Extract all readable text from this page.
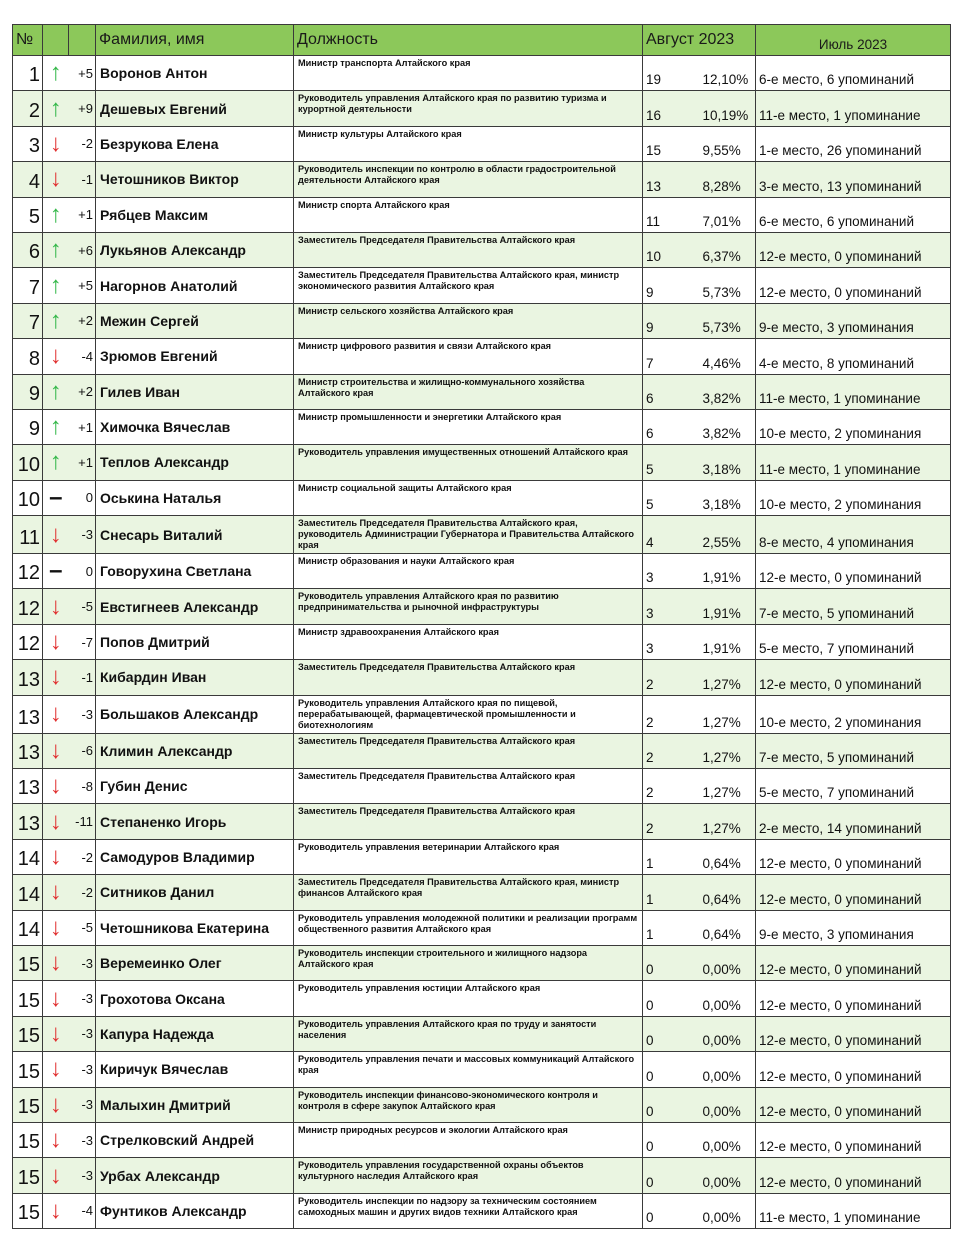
№			Фамилия, имя	Должность	Август 2023		Июль 2023
1	↑	+5	Воронов Антон	Министр транспорта Алтайского края	19	12,10%	6-е место, 6 упоминаний
2	↑	+9	Дешевых Евгений	Руководитель управления Алтайского края по развитию туризма и курортной деятельности	16	10,19%	11-е место, 1 упоминание
3	↓	-2	Безрукова Елена	Министр культуры Алтайского края	15	9,55%	1-е место, 26 упоминаний
4	↓	-1	Четошников Виктор	Руководитель инспекции по контролю в области градостроительной деятельности Алтайского края	13	8,28%	3-е место, 13 упоминаний
5	↑	+1	Рябцев Максим	Министр спорта Алтайского края	11	7,01%	6-е место, 6 упоминаний
6	↑	+6	Лукьянов Александр	Заместитель Председателя Правительства Алтайского края	10	6,37%	12-е место, 0 упоминаний
7	↑	+5	Нагорнов Анатолий	Заместитель Председателя Правительства Алтайского края, министр экономического развития Алтайского края	9	5,73%	12-е место, 0 упоминаний
7	↑	+2	Межин Сергей	Министр сельского хозяйства Алтайского края	9	5,73%	9-е место, 3 упоминания
8	↓	-4	Зрюмов Евгений	Министр цифрового развития и связи Алтайского края	7	4,46%	4-е место, 8 упоминаний
9	↑	+2	Гилев Иван	Министр строительства и жилищно-коммунального хозяйства Алтайского края	6	3,82%	11-е место, 1 упоминание
9	↑	+1	Химочка Вячеслав	Министр промышленности и энергетики Алтайского края	6	3,82%	10-е место, 2 упоминания
10	↑	+1	Теплов Александр	Руководитель управления имущественных отношений Алтайского края	5	3,18%	11-е место, 1 упоминание
10	–	0	Оськина Наталья	Министр социальной защиты Алтайского края	5	3,18%	10-е место, 2 упоминания
11	↓	-3	Снесарь Виталий	Заместитель Председателя Правительства Алтайского края, руководитель Администрации Губернатора и Правительства Алтайского края	4	2,55%	8-е место, 4 упоминания
12	–	0	Говорухина Светлана	Министр образования и науки Алтайского края	3	1,91%	12-е место, 0 упоминаний
12	↓	-5	Евстигнеев Александр	Руководитель управления Алтайского края по развитию предпринимательства и рыночной инфраструктуры	3	1,91%	7-е место, 5 упоминаний
12	↓	-7	Попов Дмитрий	Министр здравоохранения Алтайского края	3	1,91%	5-е место, 7 упоминаний
13	↓	-1	Кибардин Иван	Заместитель Председателя Правительства Алтайского края	2	1,27%	12-е место, 0 упоминаний
13	↓	-3	Большаков Александр	Руководитель управления Алтайского края по пищевой, перерабатывающей, фармацевтической промышленности и биотехнологиям	2	1,27%	10-е место, 2 упоминания
13	↓	-6	Климин Александр	Заместитель Председателя Правительства Алтайского края	2	1,27%	7-е место, 5 упоминаний
13	↓	-8	Губин Денис	Заместитель Председателя Правительства Алтайского края	2	1,27%	5-е место, 7 упоминаний
13	↓	-11	Степаненко Игорь	Заместитель Председателя Правительства Алтайского края	2	1,27%	2-е место, 14 упоминаний
14	↓	-2	Самодуров Владимир	Руководитель управления ветеринарии Алтайского края	1	0,64%	12-е место, 0 упоминаний
14	↓	-2	Ситников Данил	Заместитель Председателя Правительства Алтайского края, министр финансов Алтайского края	1	0,64%	12-е место, 0 упоминаний
14	↓	-5	Четошникова Екатерина	Руководитель управления молодежной политики и реализации программ общественного развития Алтайского края	1	0,64%	9-е место, 3 упоминания
15	↓	-3	Веремеинко Олег	Руководитель инспекции строительного и жилищного надзора Алтайского края	0	0,00%	12-е место, 0 упоминаний
15	↓	-3	Грохотова Оксана	Руководитель управления юстиции Алтайского края	0	0,00%	12-е место, 0 упоминаний
15	↓	-3	Капура Надежда	Руководитель управления Алтайского края по труду и занятости населения	0	0,00%	12-е место, 0 упоминаний
15	↓	-3	Киричук Вячеслав	Руководитель управления печати и массовых коммуникаций Алтайского края	0	0,00%	12-е место, 0 упоминаний
15	↓	-3	Малыхин Дмитрий	Руководитель инспекции финансово-экономического контроля и контроля в сфере закупок Алтайского края	0	0,00%	12-е место, 0 упоминаний
15	↓	-3	Стрелковский Андрей	Министр природных ресурсов и экологии Алтайского края	0	0,00%	12-е место, 0 упоминаний
15	↓	-3	Урбах Александр	Руководитель управления государственной охраны объектов культурного наследия Алтайского края	0	0,00%	12-е место, 0 упоминаний
15	↓	-4	Фунтиков Александр	Руководитель инспекции по надзору за техническим состоянием самоходных машин и других видов техники Алтайского края	0	0,00%	11-е место, 1 упоминание
